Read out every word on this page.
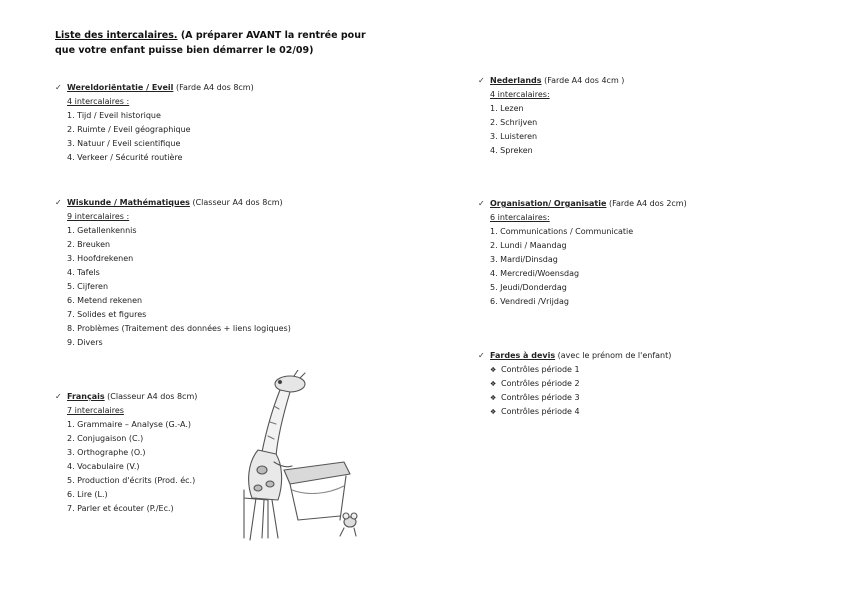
Liste des intercalaires. (A préparer AVANT la rentrée pour que votre enfant puisse bien démarrer le 02/09)
✓ Wereldoriëntatie / Eveil (Farde A4 dos 8cm)
4 intercalaires :
1. Tijd / Eveil historique
2. Ruimte / Eveil géographique
3. Natuur / Eveil scientifique
4. Verkeer / Sécurité routière
✓ Wiskunde / Mathématiques (Classeur A4 dos 8cm)
9 intercalaires :
1. Getallenkennis
2. Breuken
3. Hoofdrekenen
4. Tafels
5. Cijferen
6. Metend rekenen
7. Solides et figures
8. Problèmes (Traitement des données + liens logiques)
9. Divers
✓ Français (Classeur A4 dos 8cm)
7 intercalaires
1. Grammaire – Analyse (G.-A.)
2. Conjugaison (C.)
3. Orthographe (O.)
4. Vocabulaire (V.)
5. Production d'écrits (Prod. éc.)
6. Lire (L.)
7. Parler et écouter (P./Ec.)
✓ Nederlands (Farde A4 dos 4cm )
4 intercalaires:
1. Lezen
2. Schrijven
3. Luisteren
4. Spreken
✓ Organisation/ Organisatie (Farde A4 dos 2cm)
6 intercalaires:
1. Communications / Communicatie
2. Lundi / Maandag
3. Mardi/Dinsdag
4. Mercredi/Woensdag
5. Jeudi/Donderdag
6. Vendredi /Vrijdag
✓ Fardes à devis (avec le prénom de l'enfant)
❖ Contrôles période 1
❖ Contrôles période 2
❖ Contrôles période 3
❖ Contrôles période 4
